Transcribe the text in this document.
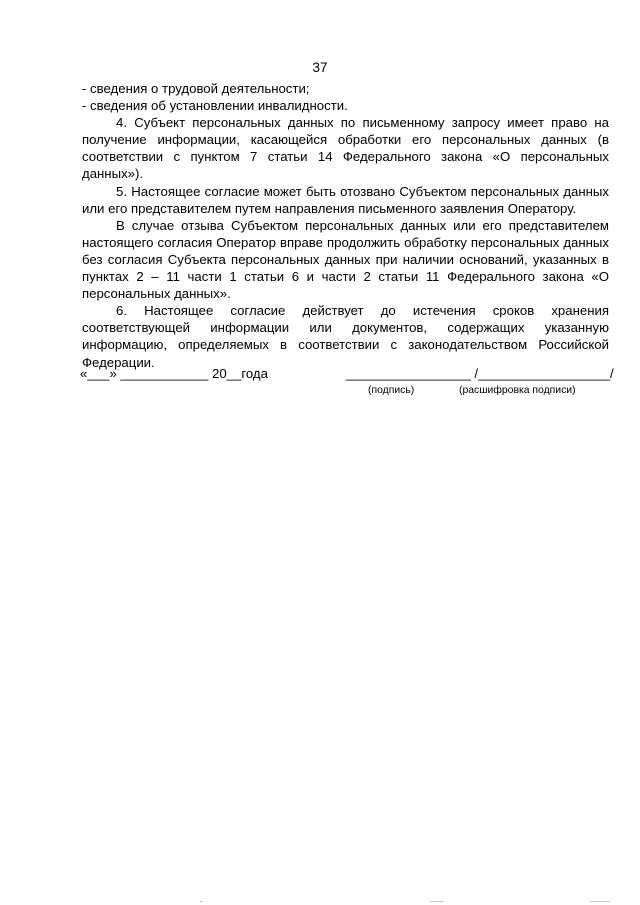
37

- сведения о трудовой деятельности;

- сведения об установлении инвалидности.

4. Субъект персональных данных по письменному запросу имеет право на получение информации, касающейся обработки его персональных данных (в соответствии с пунктом 7 статьи 14 Федерального закона «О персональных данных»).

5. Настоящее согласие может быть отозвано Субъектом персональных данных или его представителем путем направления письменного заявления Оператору.

В случае отзыва Субъектом персональных данных или его представителем настоящего согласия Оператор вправе продолжить обработку персональных данных без согласия Субъекта персональных данных при наличии оснований, указанных в пунктах 2 – 11 части 1 статьи 6 и части 2 статьи 11 Федерального закона «О персональных данных».

6. Настоящее согласие действует до истечения сроков хранения соответствующей информации или документов, содержащих указанную информацию, определяемых в соответствии с законодательством Российской Федерации.

«___» ____________ 20__года	_________________ /__________________/
(подпись)	(расшифровка подписи)
